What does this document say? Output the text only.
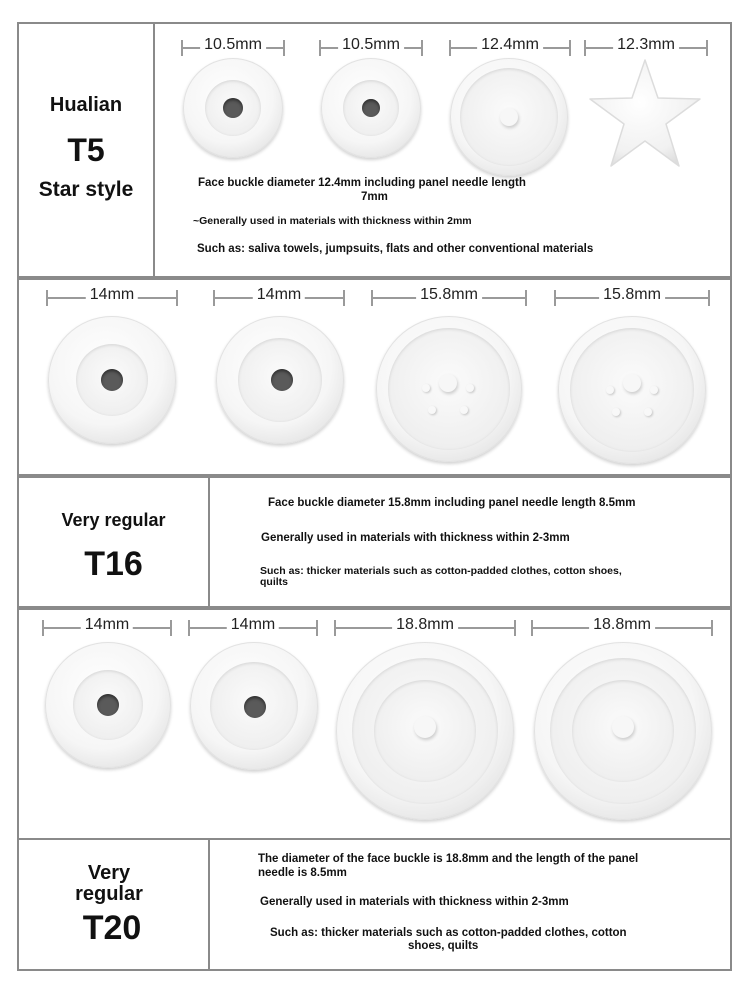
Hualian
T5
Star style
10.5mm	10.5mm	12.4mm	12.3mm
Face buckle diameter 12.4mm including panel needle length
7mm
~Generally used in materials with thickness within 2mm
Such as: saliva towels, jumpsuits, flats and other conventional materials
14mm	14mm	15.8mm	15.8mm
Very regular
T16
Face buckle diameter 15.8mm including panel needle length 8.5mm
Generally used in materials with thickness within 2-3mm
Such as: thicker materials such as cotton-padded clothes, cotton shoes,
quilts
14mm	14mm	18.8mm	18.8mm
Very
regular
T20
The diameter of the face buckle is 18.8mm and the length of the panel
needle is 8.5mm
Generally used in materials with thickness within 2-3mm
Such as: thicker materials such as cotton-padded clothes, cotton
shoes, quilts
